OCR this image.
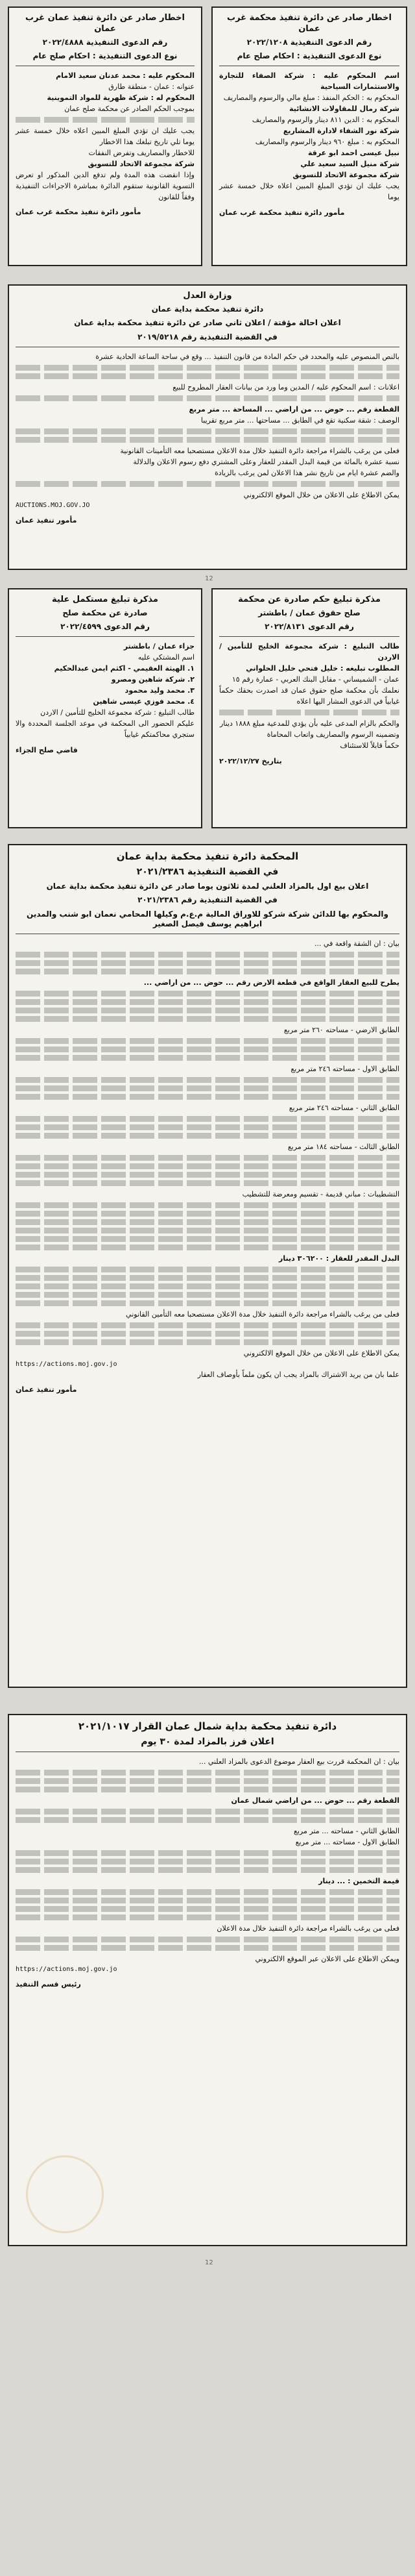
اخطار صادر عن دائرة تنفيذ عمان غرب عمان
رقم الدعوى التنفيذية ٢٠٢٢/٤٨٨٨
نوع الدعوى التنفيذية : احكام صلح عام

المحكوم عليه : محمد عدنان سعيد الامام

عنوانه : عمان - منطقة طارق

المحكوم له : شركة ظهرية للمواد التموينية

بموجب الحكم الصادر عن محكمة صلح عمان

يجب عليك ان تؤدي المبلغ المبين اعلاه خلال خمسة عشر يوما تلي تاريخ تبلغك هذا الاخطار

للاخطار والمصاريف وتفرض النفقات

شركة مجموعة الاتحاد للتسويق

وإذا انقضت هذه المدة ولم تدفع الدين المذكور او تعرض التسوية القانونية ستقوم الدائرة بمباشرة الاجراءات التنفيذية وفقاً للقانون

مأمور دائرة تنفيذ محكمة غرب عمان
اخطار صادر عن دائرة تنفيذ محكمة غرب عمان
رقم الدعوى التنفيذية ٢٠٢٢/١٢٠٨
نوع الدعوى التنفيذية : احكام صلح عام

اسم المحكوم عليه : شركة الصفاء للتجارة والاستثمارات السياحية

المحكوم به : الحكم المنفذ : مبلغ مالي والرسوم والمصاريف

شركة رمال للمقاولات الانشائية

المحكوم به : الدين ٨١١ دينار والرسوم والمصاريف

شركة نور الشفاء لادارة المشاريع

المحكوم به : مبلغ ٩٦٠ دينار والرسوم والمصاريف

نبيل عيسى احمد ابو عرقة

شركة منيل السيد سعيد علي

شركة مجموعة الاتحاد للتسويق

يجب عليك ان تؤدي المبلغ المبين اعلاه خلال خمسة عشر يوما

مأمور دائرة تنفيذ محكمة غرب عمان
وزارة العدل
دائرة تنفيذ محكمة بداية عمان
اعلان احالة مؤقتة / اعلان ثاني صادر عن دائرة تنفيذ محكمة بداية عمان
في القضية التنفيذية رقم ٢٠١٩/٥٢١٨

بالنص المنصوص عليه والمحدد في حكم المادة من قانون التنفيذ ... وقع في ساحة الساعة الحادية عشرة

اعلانات : اسم المحكوم عليه / المدين وما ورد من بيانات العقار المطروح للبيع

القطعة رقم ... حوض ... من اراضي ... المساحة ... متر مربع

الوصف : شقة سكنية تقع في الطابق ... مساحتها ... متر مربع تقريبا

فعلى من يرغب بالشراء مراجعة دائرة التنفيذ خلال مدة الاعلان مستصحبا معه التأمينات القانونية

نسبة عشرة بالمائة من قيمة البدل المقدر للعقار وعلى المشتري دفع رسوم الاعلان والدلالة

والضم عشرة ايام من تاريخ نشر هذا الاعلان لمن يرغب بالزيادة

يمكن الاطلاع على الاعلان من خلال الموقع الالكتروني

AUCTIONS.MOJ.GOV.JO

مأمور تنفيذ عمان
12
مذكرة تبليغ حكم صادرة عن محكمة
صلح حقوق عمان / باطشتر
رقم الدعوى ٢٠٢٢/٨١٣١

طالب التبليغ : شركة مجموعة الخليج للتأمين / الاردن

المطلوب تبليغه : خليل فتحي خليل الحلواني

عمان - الشميساني - مقابل البنك العربي - عمارة رقم ١٥

نعلمك بأن محكمة صلح حقوق عمان قد اصدرت بحقك حكماً غيابياً في الدعوى المشار اليها اعلاه

والحكم بالزام المدعى عليه بأن يؤدي للمدعية مبلغ ١٨٨٨ دينار

وتضمينه الرسوم والمصاريف واتعاب المحاماة

حكماً قابلاً للاستئناف

بتاريخ ٢٠٢٢/١٢/٢٧
مذكرة تبليغ مستكمل علية
صادرة عن محكمة صلح
رقم الدعوى ٢٠٢٢/٤٥٩٩

جزاء عمان / باطشتر

اسم المشتكي عليه

١. الهيثة العقيمي - اكثم ايمن عبدالحكيم

٢. شركة شاهين ومصرو

٣. محمد وليد محمود

٤. محمد فوزي عيسى شاهين

طالب التبليغ : شركة مجموعة الخليج للتأمين / الاردن

عليكم الحضور الى المحكمة في موعد الجلسة المحددة والا ستجري محاكمتكم غيابياً

قاضي صلح الجزاء
المحكمة دائرة تنفيذ محكمة بداية عمان
في القضية التنفيذية ٢٠٢١/٢٣٨٦
اعلان بيع اول بالمزاد العلني لمدة ثلاثون يوما صادر عن دائرة تنفيذ محكمة بداية عمان
في القضية التنفيذية رقم ٢٠٢١/٢٣٨٦
والمحكوم بها للدائن شركة شركو للاوراق المالية م.ع.م وكيلها المحامي نعمان ابو شنب والمدين ابراهيم يوسف فيصل الصغير

بيان : ان الشقة واقعة في ...

يطرح للبيع العقار الواقع في قطعة الارض رقم ... حوض ... من اراضي ...

الطابق الارضي - مساحته ٢٦٠ متر مربع

الطابق الاول - مساحته ٢٤٦ متر مربع

الطابق الثاني - مساحته ٢٤٦ متر مربع

الطابق الثالث - مساحته ١٨٤ متر مربع

التشطيبات : مباني قديمة - تقسيم ومعرضة للتشطيب

البدل المقدر للعقار : ٣٠٦٢٠٠ دينار

فعلى من يرغب بالشراء مراجعة دائرة التنفيذ خلال مدة الاعلان مستصحبا معه التأمين القانوني

يمكن الاطلاع على الاعلان من خلال الموقع الالكتروني

https://actions.moj.gov.jo

علما بان من يريد الاشتراك بالمزاد يجب ان يكون ملماً بأوصاف العقار

مأمور تنفيذ عمان
دائرة تنفيذ محكمة بداية شمال عمان القرار ٢٠٢١/١٠١٧
اعلان فرز بالمزاد لمدة ٣٠ يوم

بيان : ان المحكمة قررت بيع العقار موضوع الدعوى بالمزاد العلني ...

القطعة رقم ... حوض ... من اراضي شمال عمان

الطابق الثاني - مساحته ... متر مربع

الطابق الاول - مساحته ... متر مربع

قيمة التخمين : ... دينار

فعلى من يرغب بالشراء مراجعة دائرة التنفيذ خلال مدة الاعلان

ويمكن الاطلاع على الاعلان عبر الموقع الالكتروني

https://actions.moj.gov.jo

رئيس قسم التنفيذ
12
